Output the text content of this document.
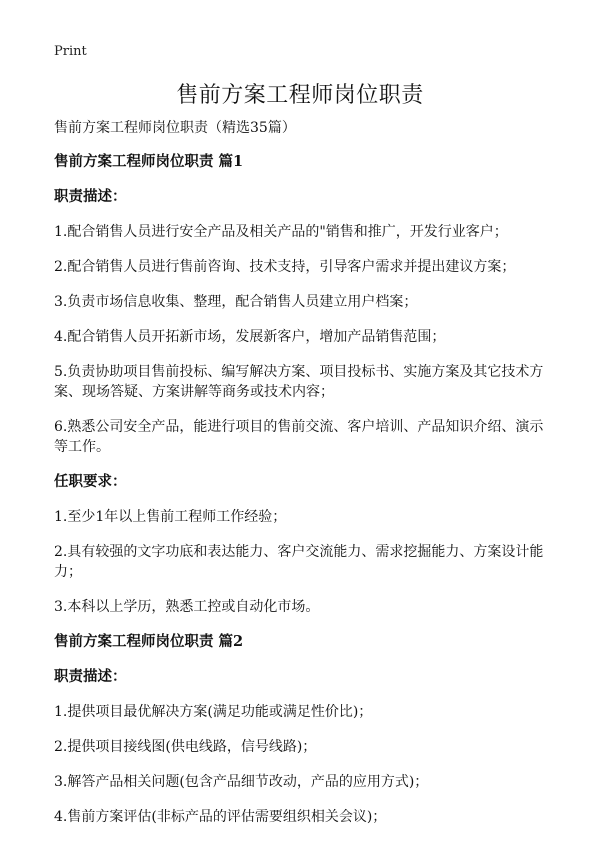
Print
售前方案工程师岗位职责

售前方案工程师岗位职责（精选35篇）

售前方案工程师岗位职责 篇1

职责描述：

1.配合销售人员进行安全产品及相关产品的"销售和推广，开发行业客户；

2.配合销售人员进行售前咨询、技术支持，引导客户需求并提出建议方案；

3.负责市场信息收集、整理，配合销售人员建立用户档案；

4.配合销售人员开拓新市场，发展新客户，增加产品销售范围；

5.负责协助项目售前投标、编写解决方案、项目投标书、实施方案及其它技术方案、现场答疑、方案讲解等商务或技术内容；

6.熟悉公司安全产品，能进行项目的售前交流、客户培训、产品知识介绍、演示等工作。

任职要求：

1.至少1年以上售前工程师工作经验；

2.具有较强的文字功底和表达能力、客户交流能力、需求挖掘能力、方案设计能力；

3.本科以上学历，熟悉工控或自动化市场。

售前方案工程师岗位职责 篇2

职责描述：

1.提供项目最优解决方案(满足功能或满足性价比)；

2.提供项目接线图(供电线路，信号线路)；

3.解答产品相关问题(包含产品细节改动，产品的应用方式)；

4.售前方案评估(非标产品的评估需要组织相关会议)；
